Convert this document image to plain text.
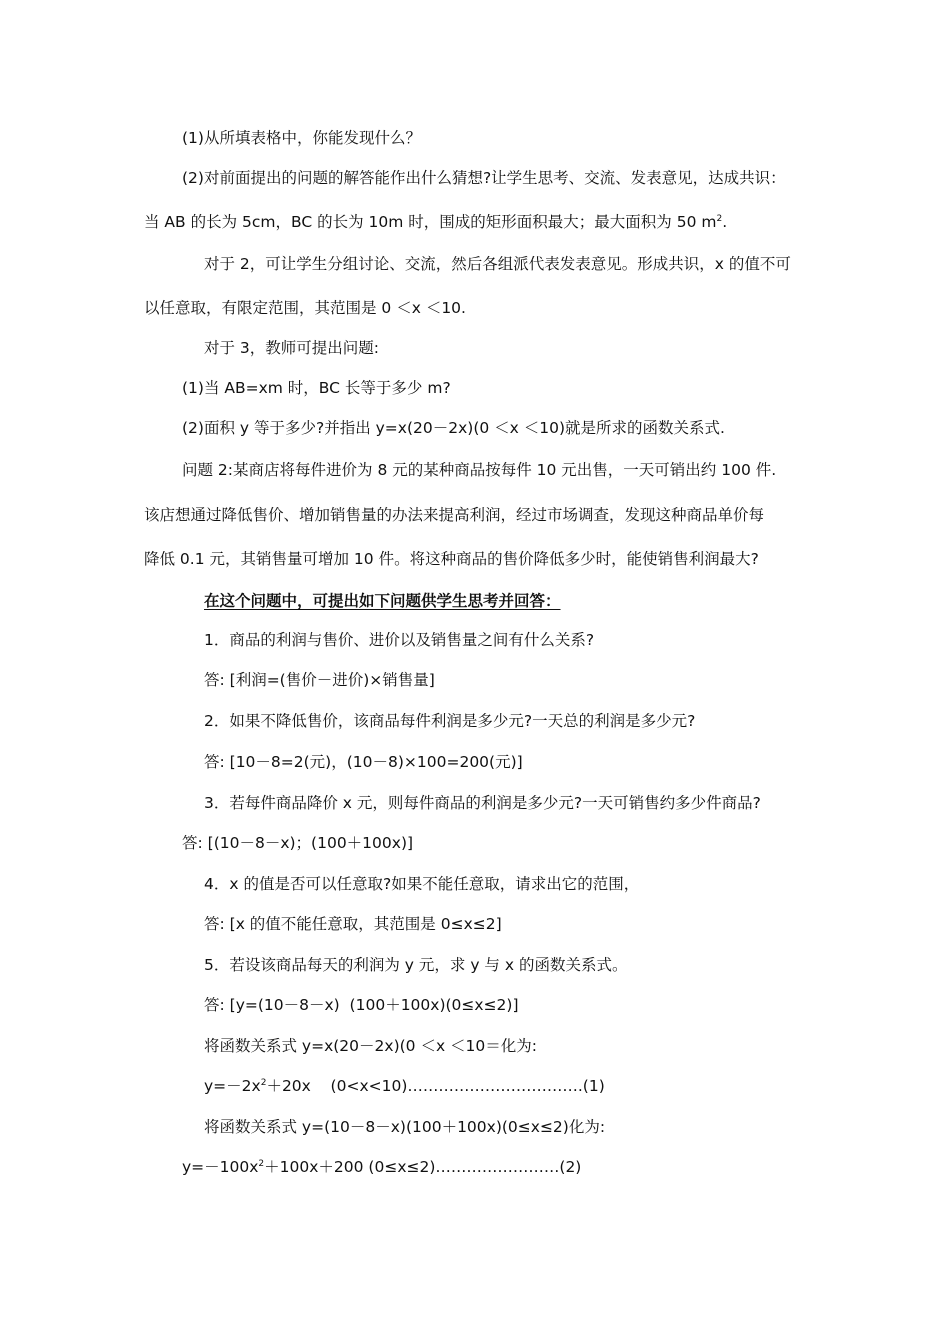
(1)从所填表格中，你能发现什么？
(2)对前面提出的问题的解答能作出什么猜想?让学生思考、交流、发表意见，达成共识：
当 AB 的长为 5cm，BC 的长为 10m 时，围成的矩形面积最大；最大面积为 50 $m^2$.
对于 2，可让学生分组讨论、交流，然后各组派代表发表意见。形成共识，x 的值不可
以任意取，有限定范围，其范围是 0 ＜x ＜10.
对于 3，教师可提出问题:
(1)当 AB=xm 时，BC 长等于多少 m?
(2)面积 y 等于多少?并指出 y=x(20－2x)(0 ＜x ＜10)就是所求的函数关系式.
问题 2:某商店将每件进价为 8 元的某种商品按每件 10 元出售，一天可销出约 100 件.
该店想通过降低售价、增加销售量的办法来提高利润，经过市场调查，发现这种商品单价每
降低 0.1 元，其销售量可增加 10 件。将这种商品的售价降低多少时，能使销售利润最大?
在这个问题中，可提出如下问题供学生思考并回答：
1．商品的利润与售价、进价以及销售量之间有什么关系?
答: [利润=(售价－进价)×销售量]
2．如果不降低售价，该商品每件利润是多少元?一天总的利润是多少元?
答: [10－8=2(元)，(10－8)×100=200(元)]
3．若每件商品降价 x 元，则每件商品的利润是多少元?一天可销售约多少件商品?
答: [(10－8－x)；(100＋100x)]
4．x 的值是否可以任意取?如果不能任意取，请求出它的范围，
答: [x 的值不能任意取，其范围是 0≤x≤2]
5．若设该商品每天的利润为 y 元，求 y 与 x 的函数关系式。
答: [y=(10－8－x)  (100＋100x)(0≤x≤2)]
将函数关系式 y=x(20－2x)(0 ＜x ＜10＝化为:
$y=-2x^2+20x$    (0<x<10)…………………………….(1)
将函数关系式 y=(10－8－x)(100＋100x)(0≤x≤2)化为:
$y=-100x^2+100x+200$ (0≤x≤2)……………………(2)
